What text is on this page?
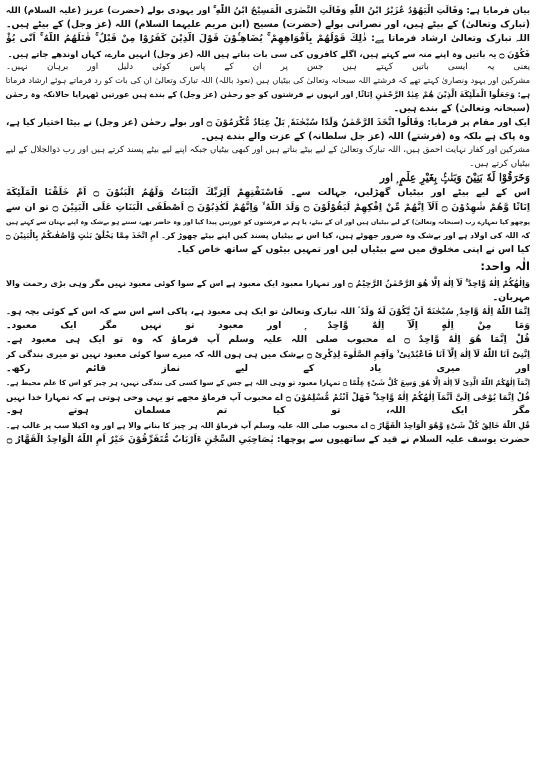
بیان فرمایا ہے: وَقَالَتِ الْیَهُوْدُ عُزَیْرُ ابْنُ اللّٰهِ وَقَالَتِ النَّصٰرَى الْمَسِیْحُ ابْنُ اللّٰهِ ۚ اور یہودی بولے (حضرت) عزیز (علیہ السلام) اللہ
(تبارک وتعالیٰ) کے بیٹے ہیں، اور نصرانی بولے (حضرت) مسیح (ابن مریم علیہما السلام) اللہ (عز وجل) کے بیٹے ہیں۔
اللہ تبارک وتعالیٰ ارشاد فرماتا ہے: ذٰلِكَ قَوْلُهُمْ بِاَفْوَاهِهِمْ ۚ یُضَاهِـُٔوْنَ قَوْلَ الَّذِیْنَ كَفَرُوْا مِنْ قَبْلُ ۚ قٰتَلَهُمُ اللّٰهُ ۚ اَنّٰى یُؤْ
فَكُوْنَ ۝ یہ باتیں وہ اپنے منہ سے کہتے ہیں، اگلے کافروں کی سی بات بناتے ہیں اللہ (عز وجل) انہیں مارے، کہاں اوندھے جاتے ہیں۔
یعنی یہ ایسی باتیں کہتے ہیں جس پر ان کے پاس کوئی دلیل اور برہان نہیں۔
مشرکین اور یہود ونصاریٰ کہتے تھے کہ فرشتے اللہ سبحانہ وتعالیٰ کی بیٹیاں ہیں (نعوذ باللہ) اللہ تبارک وتعالیٰ ان کی بات کو رد فرماتے ہوئے ارشاد فرماتا
ہے: وَجَعَلُوا الْمَلٰٓئِكَةَ الَّذِیْنَ هُمْ عِبٰدُ الرَّحْمٰنِ اِنَاثًا ۭ اور انہوں نے فرشتوں کو جو رحمٰن (عز وجل) کے بندے ہیں عورتیں ٹھہرایا حالانکہ وہ رحمٰن
(سبحانہ وتعالیٰ) کے بندے ہیں۔
ایک اور مقام پر فرمایا: وَقَالُوا اتَّخَذَ الرَّحْمٰنُ وَلَدًا سُبْحٰنَهٗ ۭ بَلْ عِبَادٌ مُّكْرَمُوْنَ ۝ اور بولے رحمٰن (عز وجل) نے بیٹا اختیار کیا ہے،
وہ پاک ہے بلکہ وہ (فرشتے) اللہ (عز جل سلطانہ) کے عزت والے بندے ہیں۔
مشرکین اور کفار نہایت احمق ہیں، اللہ تبارک وتعالیٰ کے لیے بیٹے بناتے ہیں اور کبھی بیٹیاں جبکہ اپنے لیے بیٹے پسند کرتے ہیں اور رب ذوالجلال کے لیے
بیٹیاں کرتے ہیں۔
وَخَرَقُوْا لَهٗ بَنِیْنَ وَبَنٰتٍۢ بِغَیْرِ عِلْمٍ ۭ اور
اس کے لیے بیٹے اور بیٹیاں گھڑلیں، جہالت سے۔ فَاسْتَفْتِهِمْ اَلِرَبِّكَ الْبَنَاتُ وَلَهُمُ الْبَنُوْنَ ۝ اَمْ خَلَقْنَا الْمَلٰٓئِكَةَ
اِنَاثًا وَّهُمْ شٰهِدُوْنَ ۝ اَلَآ اِنَّهُمْ مِّنْ اِفْكِهِمْ لَیَقُوْلُوْنَ ۝ وَلَدَ اللّٰهُ ۙ وَاِنَّهُمْ لَكٰذِبُوْنَ ۝ اَصْطَفَى الْبَنَاتِ عَلَى الْبَنِیْنَ ۝ تو ان سے
پوچھو کیا تمہارے رب (سبحانہ وتعالیٰ) کے لیے بیٹیاں ہیں اور ان کے بیٹے، یا ہم نے فرشتوں کو عورتیں پیدا کیا اور وہ حاضر تھے، سنتے ہو بےشک وہ اپنے بہتان سے کہتے ہیں
کہ اللہ کی اولاد ہے اور بےشک وہ ضرور جھوٹے ہیں، کیا اس نے بیٹیاں پسند کیں اپنے بیٹے چھوڑ کر۔ اَمِ اتَّخَذَ مِمَّا یَخْلُقُ بَنٰتٍ وَّاَصْفٰىكُمْ بِالْبَنِیْنَ ۝
کیا اس نے اپنی مخلوق میں سے بیٹیاں لیں اور تمہیں بیٹوں کے ساتھ خاص کیا۔
الٰہ واحد:
وَاِلٰهُكُمْ اِلٰهٌ وَّاحِدٌ ۚ لَآ اِلٰهَ اِلَّا هُوَ الرَّحْمٰنُ الرَّحِیْمُ ۝ اور تمہارا معبود ایک معبود ہے اس کے سوا کوئی معبود نہیں مگر وہی بڑی رحمت والا
مہربان۔
اِنَّمَا اللّٰهُ اِلٰهٌ وَّاحِدٌ ۭ سُبْحٰنَهٗٓ اَنْ یَّكُوْنَ لَهٗ وَلَدٌ ۘ اللہ تبارک وتعالیٰ تو ایک ہی معبود ہے، پاکی اسے اس سے کہ اس کے کوئی بچہ ہو۔
وَمَا مِنْ اِلٰهٍ اِلَّآ اِلٰهٌ وَّاحِدٌ ۭ اور معبود تو نہیں مگر ایک معبود۔
قُلْ اِنَّمَا هُوَ اِلٰهٌ وَّاحِدٌ ۝ اے محبوب صلی اللہ علیہ وسلم آپ فرماؤ کہ وہ تو ایک ہی معبود ہے۔
اِنَّنِیْٓ اَنَا اللّٰهُ لَآ اِلٰهَ اِلَّآ اَنَا فَاعْبُدْنِیْ ۙ وَاَقِمِ الصَّلٰوةَ لِذِكْرِیْ ۝ بےشک میں ہی ہوں اللہ کہ میرے سوا کوئی معبود نہیں تو میری بندگی کر
اور میری یاد کے لیے نماز قائم رکھ۔
اِنَّمَآ اِلٰهُكُمُ اللّٰهُ الَّذِیْ لَآ اِلٰهَ اِلَّا هُوَ ۭ وَسِعَ كُلَّ شَیْءٍ عِلْمًا ۝ تمہارا معبود تو وہی اللہ ہے جس کے سوا کسی کی بندگی نہیں، ہر چیز کو اس کا علم محیط ہے۔
قُلْ اِنَّمَا یُوْحٰٓى اِلَیَّ اَنَّمَآ اِلٰهُكُمْ اِلٰهٌ وَّاحِدٌ ۚ فَهَلْ اَنْتُمْ مُّسْلِمُوْنَ ۝ اے محبوب آپ فرماؤ مجھے تو یہی وحی ہوتی ہے کہ تمہارا خدا نہیں
مگر ایک اللہ، تو کیا تم مسلمان ہوتے ہو۔
قُلِ اللّٰهُ خَالِقُ كُلِّ شَیْءٍ وَّهُوَ الْوَاحِدُ الْقَهَّارُ ۝ اے محبوب صلی اللہ علیہ وسلم آپ فرماؤ اللہ ہر چیز کا بنانے والا ہے اور وہ اکیلا سب پر غالب ہے۔
حضرت یوسف علیہ السلام نے قید کے ساتھیوں سے پوچھا: یٰصَاحِبَیِ السِّجْنِ ءَاَرْبَابٌ مُّتَفَرِّقُوْنَ خَیْرٌ اَمِ اللّٰهُ الْوَاحِدُ الْقَهَّارُ ۝
